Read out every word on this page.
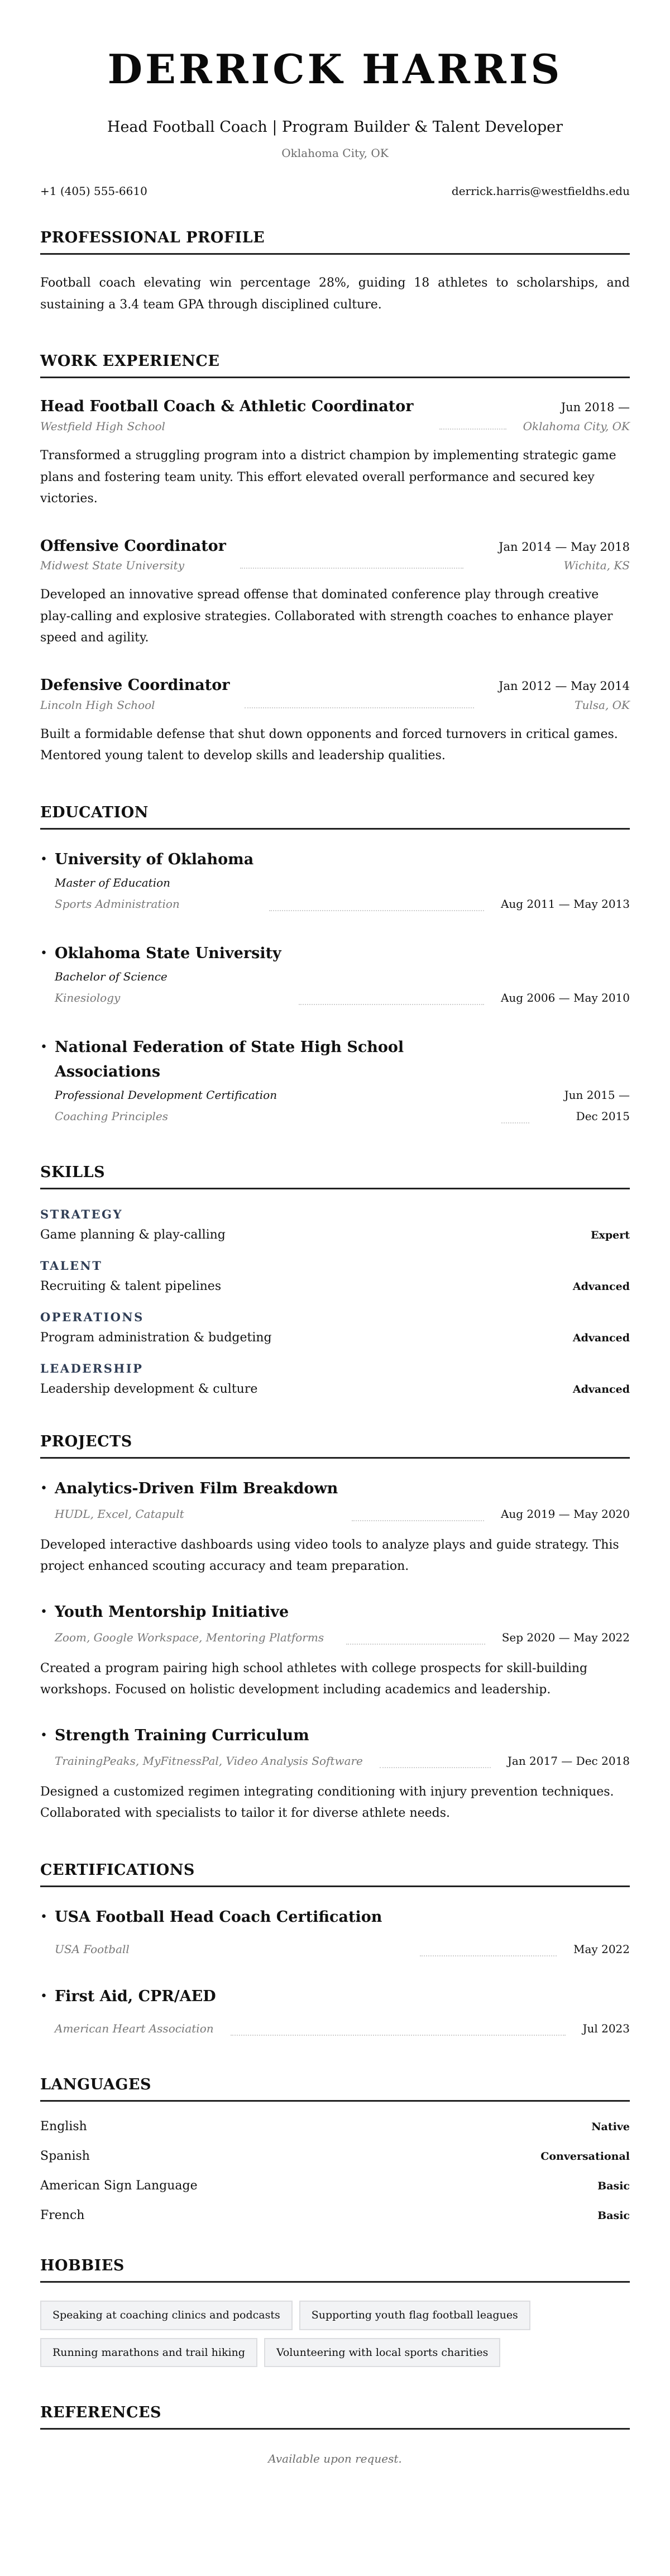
DERRICK HARRIS
Head Football Coach | Program Builder & Talent Developer
Oklahoma City, OK
+1 (405) 555-6610	derrick.harris@westfieldhs.edu
PROFESSIONAL PROFILE

Football coach elevating win percentage 28%, guiding 18 athletes to scholarships, and sustaining a 3.4 team GPA through disciplined culture.

WORK EXPERIENCE
Head Football Coach & Athletic Coordinator	Jun 2018 —
Westfield High School	Oklahoma City, OK

Transformed a struggling program into a district champion by implementing strategic game plans and fostering team unity. This effort elevated overall performance and secured key victories.

Offensive Coordinator	Jan 2014 — May 2018
Midwest State University	Wichita, KS

Developed an innovative spread offense that dominated conference play through creative play-calling and explosive strategies. Collaborated with strength coaches to enhance player speed and agility.

Defensive Coordinator	Jan 2012 — May 2014
Lincoln High School	Tulsa, OK

Built a formidable defense that shut down opponents and forced turnovers in critical games. Mentored young talent to develop skills and leadership qualities.

EDUCATION
• University of Oklahoma
Master of Education
Sports Administration	Aug 2011 — May 2013
• Oklahoma State University
Bachelor of Science
Kinesiology	Aug 2006 — May 2010
• National Federation of State High School Associations
Professional Development Certification
Coaching Principles
Jun 2015 — Dec 2015
SKILLS
STRATEGY
Game planning & play-calling	Expert
TALENT
Recruiting & talent pipelines	Advanced
OPERATIONS
Program administration & budgeting	Advanced
LEADERSHIP
Leadership development & culture	Advanced
PROJECTS
• Analytics-Driven Film Breakdown
HUDL, Excel, Catapult	Aug 2019 — May 2020

Developed interactive dashboards using video tools to analyze plays and guide strategy. This project enhanced scouting accuracy and team preparation.

• Youth Mentorship Initiative
Zoom, Google Workspace, Mentoring Platforms	Sep 2020 — May 2022

Created a program pairing high school athletes with college prospects for skill-building workshops. Focused on holistic development including academics and leadership.

• Strength Training Curriculum
TrainingPeaks, MyFitnessPal, Video Analysis Software	Jan 2017 — Dec 2018

Designed a customized regimen integrating conditioning with injury prevention techniques. Collaborated with specialists to tailor it for diverse athlete needs.

CERTIFICATIONS
• USA Football Head Coach Certification
USA Football	May 2022
• First Aid, CPR/AED
American Heart Association	Jul 2023
LANGUAGES
English	Native
Spanish	Conversational
American Sign Language	Basic
French	Basic
HOBBIES
Speaking at coaching clinics and podcasts	Supporting youth flag football leagues
Running marathons and trail hiking	Volunteering with local sports charities
REFERENCES

Available upon request.
